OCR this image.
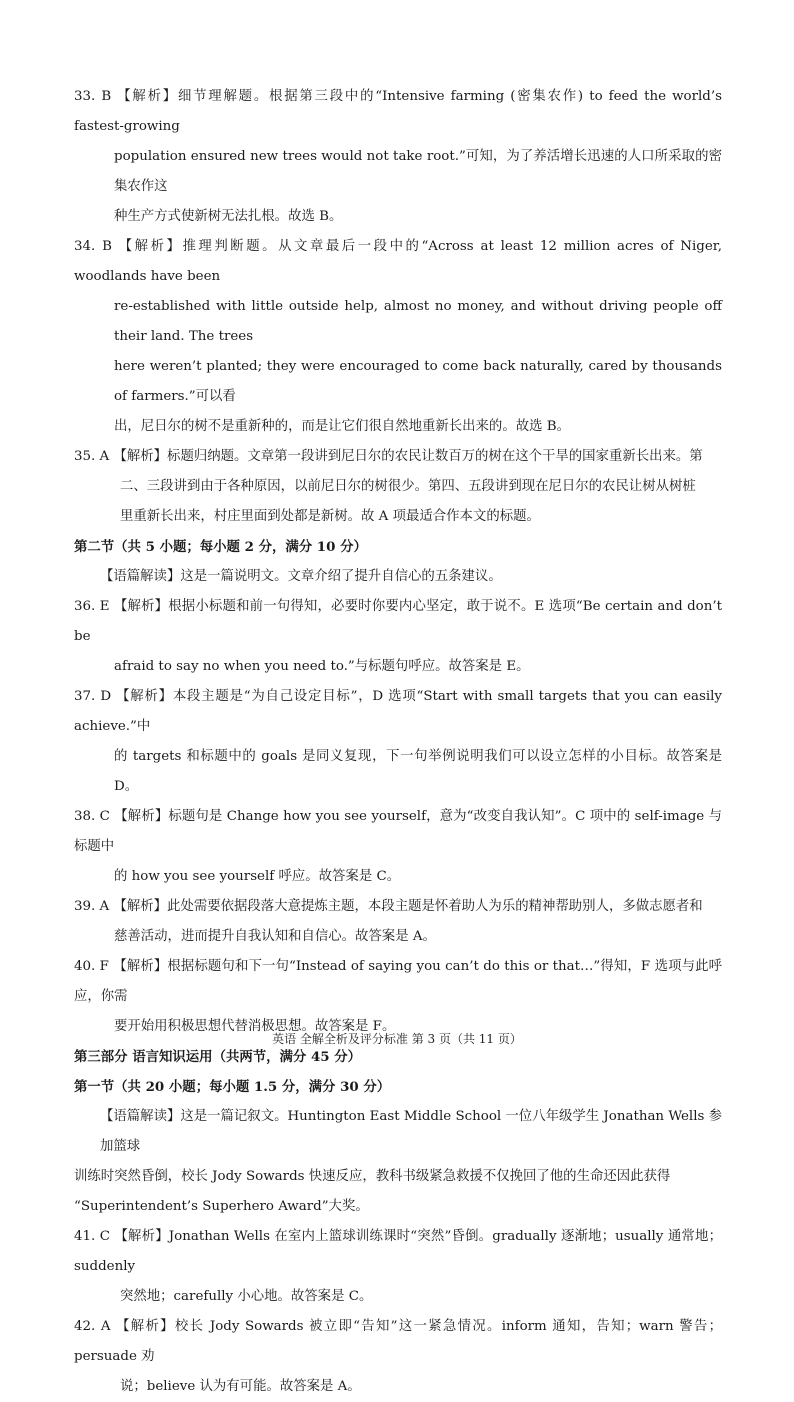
33. B 【解析】细节理解题。根据第三段中的“Intensive farming (密集农作) to feed the world’s fastest-growing
population ensured new trees would not take root.”可知，为了养活增长迅速的人口所采取的密集农作这
种生产方式使新树无法扎根。故选 B。
34. B 【解析】推理判断题。从文章最后一段中的“Across at least 12 million acres of Niger, woodlands have been
re-established with little outside help, almost no money, and without driving people off their land. The trees
here weren’t planted; they were encouraged to come back naturally, cared by thousands of farmers.”可以看
出，尼日尔的树不是重新种的，而是让它们很自然地重新长出来的。故选 B。
35. A 【解析】标题归纳题。文章第一段讲到尼日尔的农民让数百万的树在这个干旱的国家重新长出来。第
二、三段讲到由于各种原因，以前尼日尔的树很少。第四、五段讲到现在尼日尔的农民让树从树桩
里重新长出来，村庄里面到处都是新树。故 A 项最适合作本文的标题。

第二节（共 5 小题；每小题 2 分，满分 10 分）

【语篇解读】这是一篇说明文。文章介绍了提升自信心的五条建议。

36. E 【解析】根据小标题和前一句得知，必要时你要内心坚定，敢于说不。E 选项“Be certain and don’t be
afraid to say no when you need to.”与标题句呼应。故答案是 E。
37. D 【解析】本段主题是“为自己设定目标”，D 选项“Start with small targets that you can easily achieve.”中
的 targets 和标题中的 goals 是同义复现，下一句举例说明我们可以设立怎样的小目标。故答案是 D。
38. C 【解析】标题句是 Change how you see yourself，意为“改变自我认知”。C 项中的 self-image 与标题中
的 how you see yourself 呼应。故答案是 C。
39. A 【解析】此处需要依据段落大意提炼主题，本段主题是怀着助人为乐的精神帮助别人，多做志愿者和
慈善活动，进而提升自我认知和自信心。故答案是 A。
40. F 【解析】根据标题句和下一句“Instead of saying you can’t do this or that…”得知，F 选项与此呼应，你需
要开始用积极思想代替消极思想。故答案是 F。

第三部分 语言知识运用（共两节，满分 45 分）

第一节（共 20 小题；每小题 1.5 分，满分 30 分）

【语篇解读】这是一篇记叙文。Huntington East Middle School 一位八年级学生 Jonathan Wells 参加篮球
训练时突然昏倒，校长 Jody Sowards 快速反应，教科书级紧急救援不仅挽回了他的生命还因此获得
“Superintendent’s Superhero Award”大奖。

41. C 【解析】Jonathan Wells 在室内上篮球训练课时“突然”昏倒。gradually 逐渐地；usually 通常地；suddenly
突然地；carefully 小心地。故答案是 C。
42. A 【解析】校长 Jody Sowards 被立即“告知”这一紧急情况。inform 通知，告知；warn 警告；persuade 劝
说；believe 认为有可能。故答案是 A。
英语 全解全析及评分标准 第 3 页（共 11 页）
